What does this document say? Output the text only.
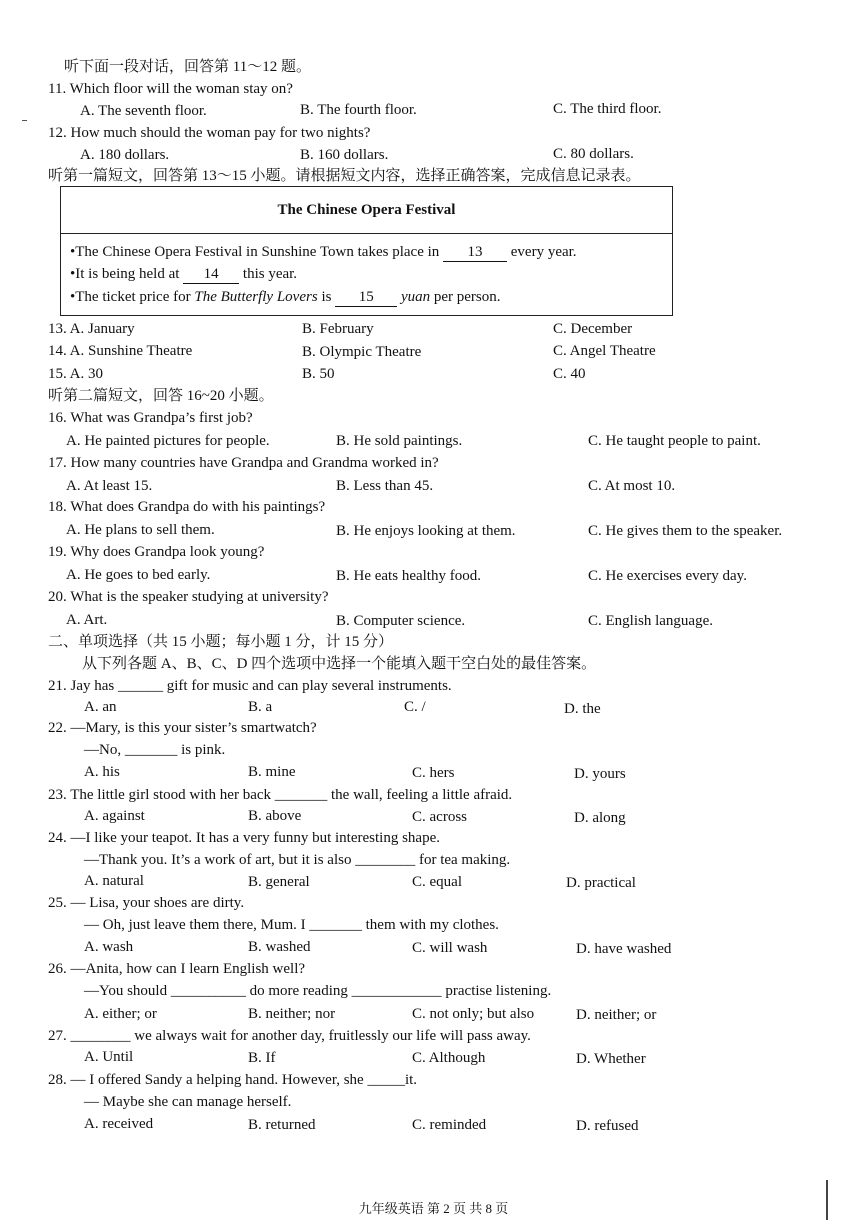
听下面一段对话，回答第 11～12 题。
11. Which floor will the woman stay on?
A. The seventh floor.	B. The fourth floor.	C. The third floor.
12. How much should the woman pay for two nights?
A. 180 dollars.	B. 160 dollars.	C. 80 dollars.
听第一篇短文，回答第 13～15 小题。请根据短文内容，选择正确答案，完成信息记录表。
The Chinese Opera Festival
•The Chinese Opera Festival in Sunshine Town takes place in 13 every year.
•It is being held at 14 this year.
•The ticket price for The Butterfly Lovers is 15 yuan per person.
13. A. January	B. February	C. December
14. A. Sunshine Theatre	B. Olympic Theatre	C. Angel Theatre
15. A. 30	B. 50	C. 40
听第二篇短文，回答 16~20 小题。
16. What was Grandpa’s first job?
A. He painted pictures for people.	B. He sold paintings.	C. He taught people to paint.
17. How many countries have Grandpa and Grandma worked in?
A. At least 15.	B. Less than 45.	C. At most 10.
18. What does Grandpa do with his paintings?
A. He plans to sell them.	B. He enjoys looking at them.	C. He gives them to the speaker.
19. Why does Grandpa look young?
A. He goes to bed early.	B. He eats healthy food.	C. He exercises every day.
20. What is the speaker studying at university?
A. Art.	B. Computer science.	C. English language.
二、单项选择（共 15 小题；每小题 1 分，计 15 分）
从下列各题 A、B、C、D 四个选项中选择一个能填入题干空白处的最佳答案。
21. Jay has ______ gift for music and can play several instruments.
A. an	B. a	C. /	D. the
22. —Mary, is this your sister’s smartwatch?
—No, _______ is pink.
A. his	B. mine	C. hers	D. yours
23. The little girl stood with her back _______ the wall, feeling a little afraid.
A. against	B. above	C. across	D. along
24. —I like your teapot. It has a very funny but interesting shape.
—Thank you. It’s a work of art, but it is also ________ for tea making.
A. natural	B. general	C. equal	D. practical
25. — Lisa, your shoes are dirty.
— Oh, just leave them there, Mum. I _______ them with my clothes.
A. wash	B. washed	C. will wash	D. have washed
26. —Anita, how can I learn English well?
—You should __________ do more reading ____________ practise listening.
A. either; or	B. neither; nor	C. not only; but also	D. neither; or
27. ________ we always wait for another day, fruitlessly our life will pass away.
A. Until	B. If	C. Although	D. Whether
28. — I offered Sandy a helping hand. However, she _____it.
— Maybe she can manage herself.
A. received	B. returned	C. reminded	D. refused
九年级英语 第 2 页 共 8 页
